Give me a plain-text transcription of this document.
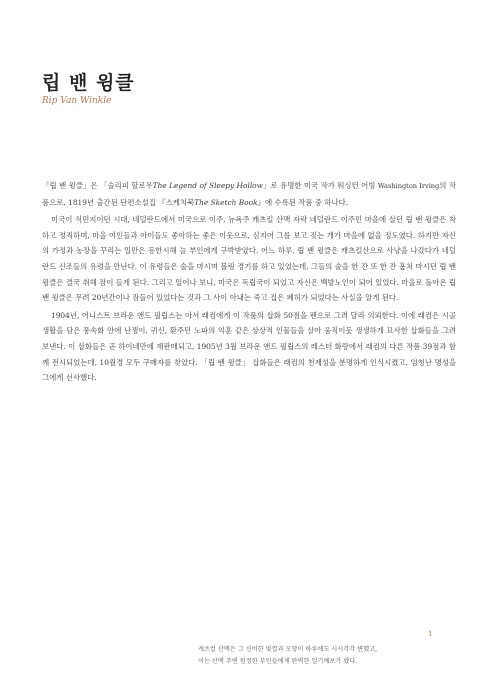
립 밴 윙클
Rip Van Winkle

「립 밴 윙클」은 「슬리피 할로우The Legend of Sleepy Hollow」로 유명한 미국 작가 워싱턴 어빙 Washington Irving의 작품으로, 1819년 출간된 단편소설집 『스케치북The Sketch Book』에 수록된 작품 중 하나다.

미국이 식민지이던 시대, 네덜란드에서 미국으로 이주, 뉴욕주 캐츠킬 산맥 자락 네덜란드 이주민 마을에 살던 립 밴 윙클은 착하고 정직하며, 마을 여인들과 아이들도 좋아하는 좋은 이웃으로, 심지어 그를 보고 짖는 개가 마을에 없을 정도였다. 하지만 자신의 가정과 농장을 꾸리는 일만은 등한시해 늘 부인에게 구박받았다. 어느 하루, 립 밴 윙클은 캐츠킬산으로 사냥을 나갔다가 네덜란드 신조들의 유령을 만난다. 이 유령들은 술을 마시며 볼링 경기를 하고 있었는데, 그들의 술을 한 잔 또 한 잔 훔쳐 마시던 립 밴 윙클은 결국 취해 잠이 들게 된다. 그리고 일어나 보니, 미국은 독립국이 되었고 자신은 백발노인이 되어 있었다. 마을로 돌아온 립 밴 윙클은 무려 20년간이나 잠들어 있었다는 것과 그 사이 아내는 죽고 집은 폐허가 되었다는 사실을 알게 된다.

1904년, 어니스트 브라운 앤드 필립스는 아서 래컴에게 이 작품의 삽화 50점을 펜으로 그려 달라 의뢰한다. 이에 래컴은 시골 생활을 담은 풍속화 안에 난쟁이, 귀신, 환주던 노파의 익훈 같은 상상적 인물들을 살아 움직이듯 생생하게 묘사한 삽화들을 그려 보낸다. 이 삽화들은 곧 하이네만에 재판매되고, 1905년 3월 브라운 앤드 필립스의 레스터 화랑에서 래컴의 다른 작품 39점과 함께 전시되었는데, 10월경 모두 구매자를 찾았다. 「립 밴 윙클」 삽화들은 래컴의 천재성을 분명하게 인식시켰고, 엄청난 명성을 그에게 선사했다.

1
캐츠킬 산맥은 그 신비한 빛깔과 모양이 하루에도 시시각각 변했고,
이는 산맥 주변 원정한 부인들에게 완벽한 일기예보가 됐다.
